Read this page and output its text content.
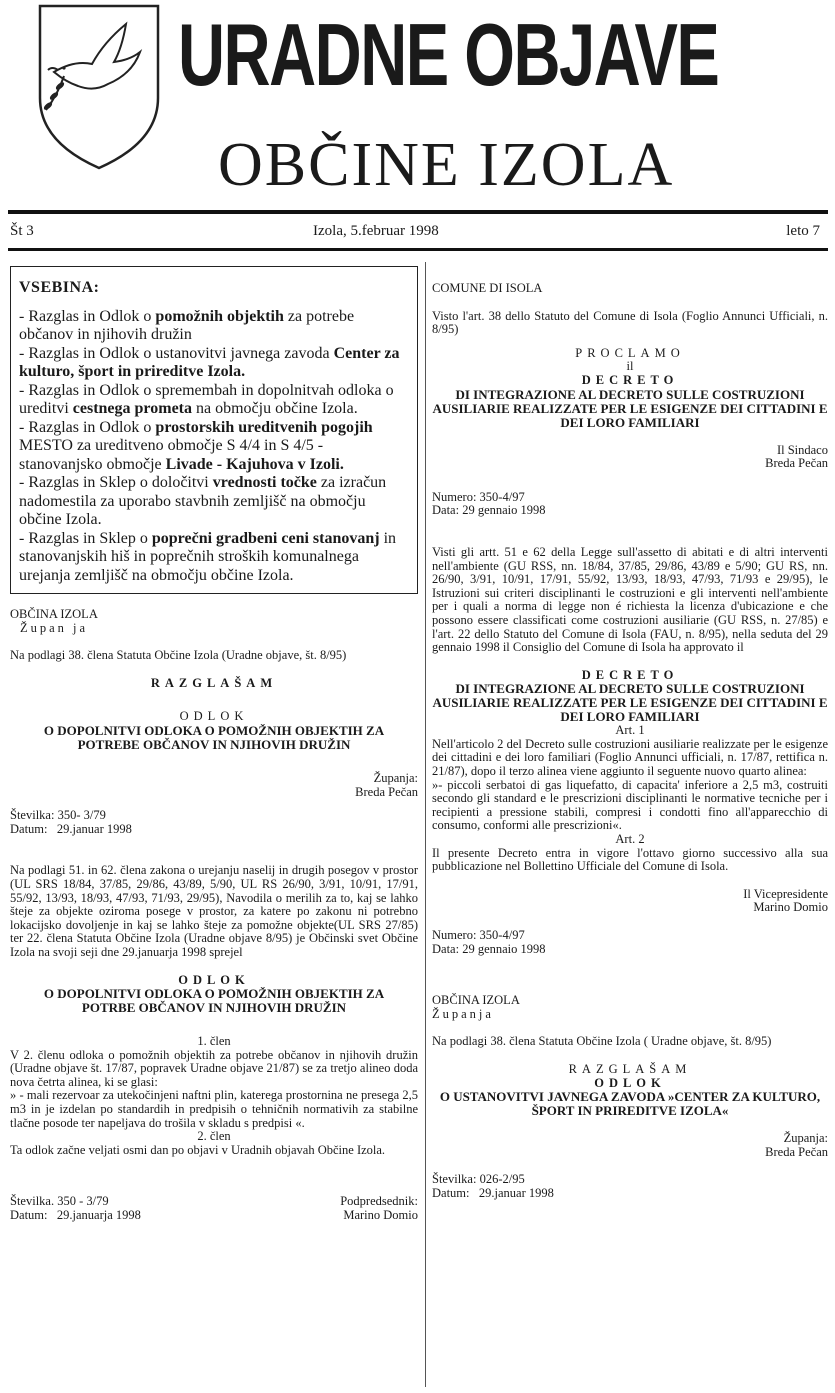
URADNE OBJAVE
OBČINE IZOLA
Št 3	Izola, 5.februar 1998	leto 7
VSEBINA:
- Razglas in Odlok o pomožnih objektih za potrebe občanov in njihovih družin
- Razglas in Odlok o ustanovitvi javnega zavoda Center za kulturo, šport in prireditve Izola.
- Razglas in Odlok o spremembah in dopolnitvah odloka o ureditvi cestnega prometa na območju občine Izola.
- Razglas in Odlok o prostorskih ureditvenih pogojih MESTO za ureditveno območje S 4/4 in S 4/5 - stanovanjsko območje Livade - Kajuhova v Izoli.
- Razglas in Sklep o določitvi vrednosti točke za izračun nadomestila za uporabo stavbnih zemljišč na območju občine Izola.
- Razglas in Sklep o poprečni gradbeni ceni stanovanj in stanovanjskih hiš in poprečnih stroških komunalnega urejanja zemljišč na območju občine Izola.
OBČINA IZOLA
Župan ja
Na podlagi 38. člena Statuta Občine Izola (Uradne objave, št. 8/95)
RAZGLAŠAM
ODLOK
O DOPOLNITVI ODLOKA O POMOŽNIH OBJEKTIH ZA POTREBE OBČANOV IN NJIHOVIH DRUŽIN
Županja:
Breda Pečan
Številka: 350- 3/79
Datum:   29.januar 1998
Na podlagi 51. in 62. člena zakona o urejanju naselij in drugih posegov v prostor (UL SRS 18/84, 37/85, 29/86, 43/89, 5/90, UL RS 26/90, 3/91, 10/91, 17/91, 55/92, 13/93, 18/93, 47/93, 71/93, 29/95), Navodila o merilih za to, kaj se lahko šteje za objekte oziroma posege v prostor, za katere po zakonu ni potrebno lokacijsko dovoljenje in kaj se lahko šteje za pomožne objekte(UL SRS 27/85) ter 22. člena Statuta Občine Izola (Uradne objave 8/95) je Občinski svet Občine Izola na svoji seji dne 29.januarja 1998 sprejel
ODLOK
O DOPOLNITVI ODLOKA O POMOŽNIH OBJEKTIH ZA POTRBE OBČANOV IN NJIHOVIH DRUŽIN
1. člen
V 2. členu odloka o pomožnih objektih za potrebe občanov in njihovih družin (Uradne objave št. 17/87, popravek Uradne objave 21/87) se za tretjo alineo doda nova četrta alinea, ki se glasi:
» - mali rezervoar za utekočinjeni naftni plin, katerega prostornina ne presega 2,5 m3 in je izdelan po standardih in predpisih o tehničnih normativih za stabilne tlačne posode ter napeljava do trošila v skladu s predpisi «.
2. člen
Ta odlok začne veljati osmi dan po objavi v Uradnih objavah Občine Izola.
Številka. 350 - 3/79
Datum:   29.januarja 1998
Podpredsednik:
Marino Domio
COMUNE DI ISOLA
Visto l'art. 38 dello Statuto del Comune di Isola (Foglio Annunci Ufficiali, n. 8/95)
PROCLAMO
il
DECRETO
DI INTEGRAZIONE AL DECRETO SULLE COSTRUZIONI AUSILIARIE REALIZZATE PER LE ESIGENZE DEI CITTADINI E DEI LORO FAMILIARI
Il Sindaco
Breda Pečan
Numero: 350-4/97
Data: 29 gennaio 1998
Visti gli artt. 51 e 62 della Legge sull'assetto di abitati e di altri interventi nell'ambiente (GU RSS, nn. 18/84, 37/85, 29/86, 43/89 e 5/90; GU RS, nn. 26/90, 3/91, 10/91, 17/91, 55/92, 13/93, 18/93, 47/93, 71/93 e 29/95), le Istruzioni sui criteri disciplinanti le costruzioni e gli interventi nell'ambiente per i quali a norma di legge non é richiesta la licenza d'ubicazione e che possono essere classificati come costruzioni ausiliarie (GU RSS, n. 27/85) e l'art. 22 dello Statuto del Comune di Isola (FAU, n. 8/95), nella seduta del 29 gennaio 1998 il Consiglio del Comune di Isola ha approvato il
DECRETO
DI INTEGRAZIONE AL DECRETO SULLE COSTRUZIONI AUSILIARIE REALIZZATE PER LE ESIGENZE DEI CITTADINI E DEI LORO FAMILIARI
Art. 1
Nell'articolo 2 del Decreto sulle costruzioni ausiliarie realizzate per le esigenze dei cittadini e dei loro familiari (Foglio Annunci ufficiali, n. 17/87, rettifica n. 21/87), dopo il terzo alinea viene aggiunto il seguente nuovo quarto alinea:
»- piccoli serbatoi di gas liquefatto, di capacita' inferiore a 2,5 m3, costruiti secondo gli standard e le prescrizioni disciplinanti le normative tecniche per i recipienti a pressione stabili, compresi i condotti fino all'apparecchio di consumo, conformi alle prescrizioni«.
Art. 2
Il presente Decreto entra in vigore l'ottavo giorno successivo alla sua pubblicazione nel Bollettino Ufficiale del Comune di Isola.
Il Vicepresidente
Marino Domio
Numero: 350-4/97
Data: 29 gennaio 1998
OBČINA IZOLA
Županja
Na podlagi 38. člena Statuta Občine Izola ( Uradne objave, št. 8/95)
RAZGLAŠAM
ODLOK
O USTANOVITVI JAVNEGA ZAVODA »CENTER ZA KULTURO, ŠPORT IN PRIREDITVE IZOLA«
Županja:
Breda Pečan
Številka: 026-2/95
Datum:   29.januar 1998
